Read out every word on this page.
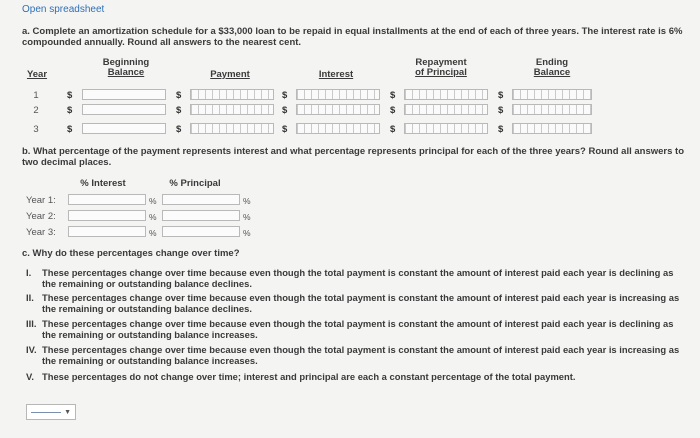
Open spreadsheet
a. Complete an amortization schedule for a $33,000 loan to be repaid in equal installments at the end of each of three years. The interest rate is 6% compounded annually. Round all answers to the nearest cent.
Year
Beginning
Balance	Payment	Interest
Repayment
of Principal
Ending
Balance
1	$	$	$	$	$
2	$	$	$	$	$
3	$	$	$	$	$
b. What percentage of the payment represents interest and what percentage represents principal for each of the three years? Round all answers to two decimal places.
% Interest	% Principal
Year 1:	%	%
Year 2:	%	%
Year 3:	%	%
c. Why do these percentages change over time?
I. These percentages change over time because even though the total payment is constant the amount of interest paid each year is declining as the remaining or outstanding balance declines.
II. These percentages change over time because even though the total payment is constant the amount of interest paid each year is increasing as the remaining or outstanding balance declines.
III. These percentages change over time because even though the total payment is constant the amount of interest paid each year is declining as the remaining or outstanding balance increases.
IV. These percentages change over time because even though the total payment is constant the amount of interest paid each year is increasing as the remaining or outstanding balance increases.
V. These percentages do not change over time; interest and principal are each a constant percentage of the total payment.
▼
